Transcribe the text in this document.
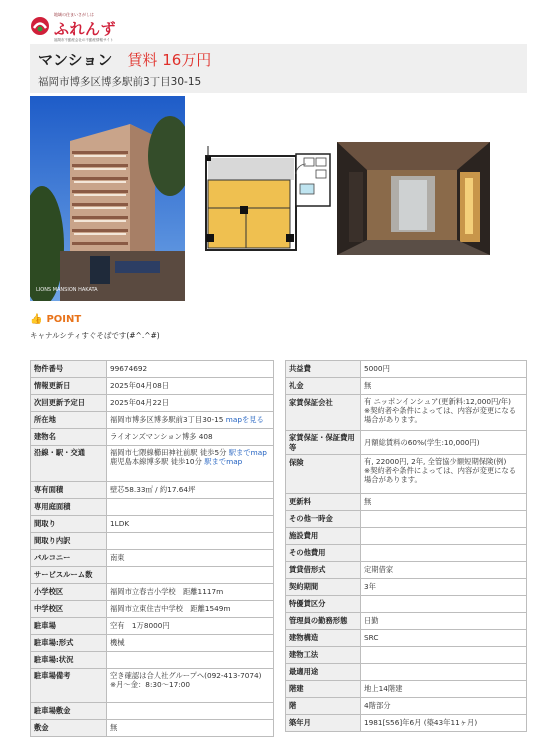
地域の住まいさがしは
ふれんず
福岡市不動産会社の不動産情報サイト
マンション 賃料 16万円
福岡市博多区博多駅前3丁目30-15
LIONS MANSION HAKATA
👍 POINT
キャナルシティすぐそばです(#^.^#)
物件番号	99674692
情報更新日	2025年04月08日
次回更新予定日	2025年04月22日
所在地	福岡市博多区博多駅前3丁目30-15 mapを見る
建物名	ライオンズマンション博多 408
沿線・駅・交通	福岡市七隈線櫛田神社前駅 徒歩5分 駅までmap
鹿児島本線博多駅 徒歩10分 駅までmap
専有面積	壁芯58.33㎡ / 約17.64坪
専用庭面積	
間取り	1LDK
間取り内訳	
バルコニー	南東
サービスルーム数	
小学校区	福岡市立春吉小学校　距離1117m
中学校区	福岡市立東住吉中学校　距離1549m
駐車場	空有　1万8000円
駐車場:形式	機械
駐車場:状況	
駐車場備考	空き確認は合人社グループへ(092-413-7074)
※月～金：8:30～17:00
駐車場敷金	
敷金	無
共益費	5000円
礼金	無
家賃保証会社	有 ニッポンインシュア(更新料:12,000円/年)
※契約者や条件によっては、内容が変更になる場合があります。
家賃保証・保証費用等	月額総賃料の60%(学生:10,000円)
保険	有, 22000円, 2年, 全管協少額短期保険(例)
※契約者や条件によっては、内容が変更になる場合があります。
更新料	無
その他一時金	
施設費用	
その他費用	
賃貸借形式	定期借家
契約期間	3年
特優賃区分	
管理員の勤務形態	日勤
建物構造	SRC
建物工法	
最適用途	
階建	地上14階建
階	4階部分
築年月	1981[S56]年6月 (築43年11ヶ月)
